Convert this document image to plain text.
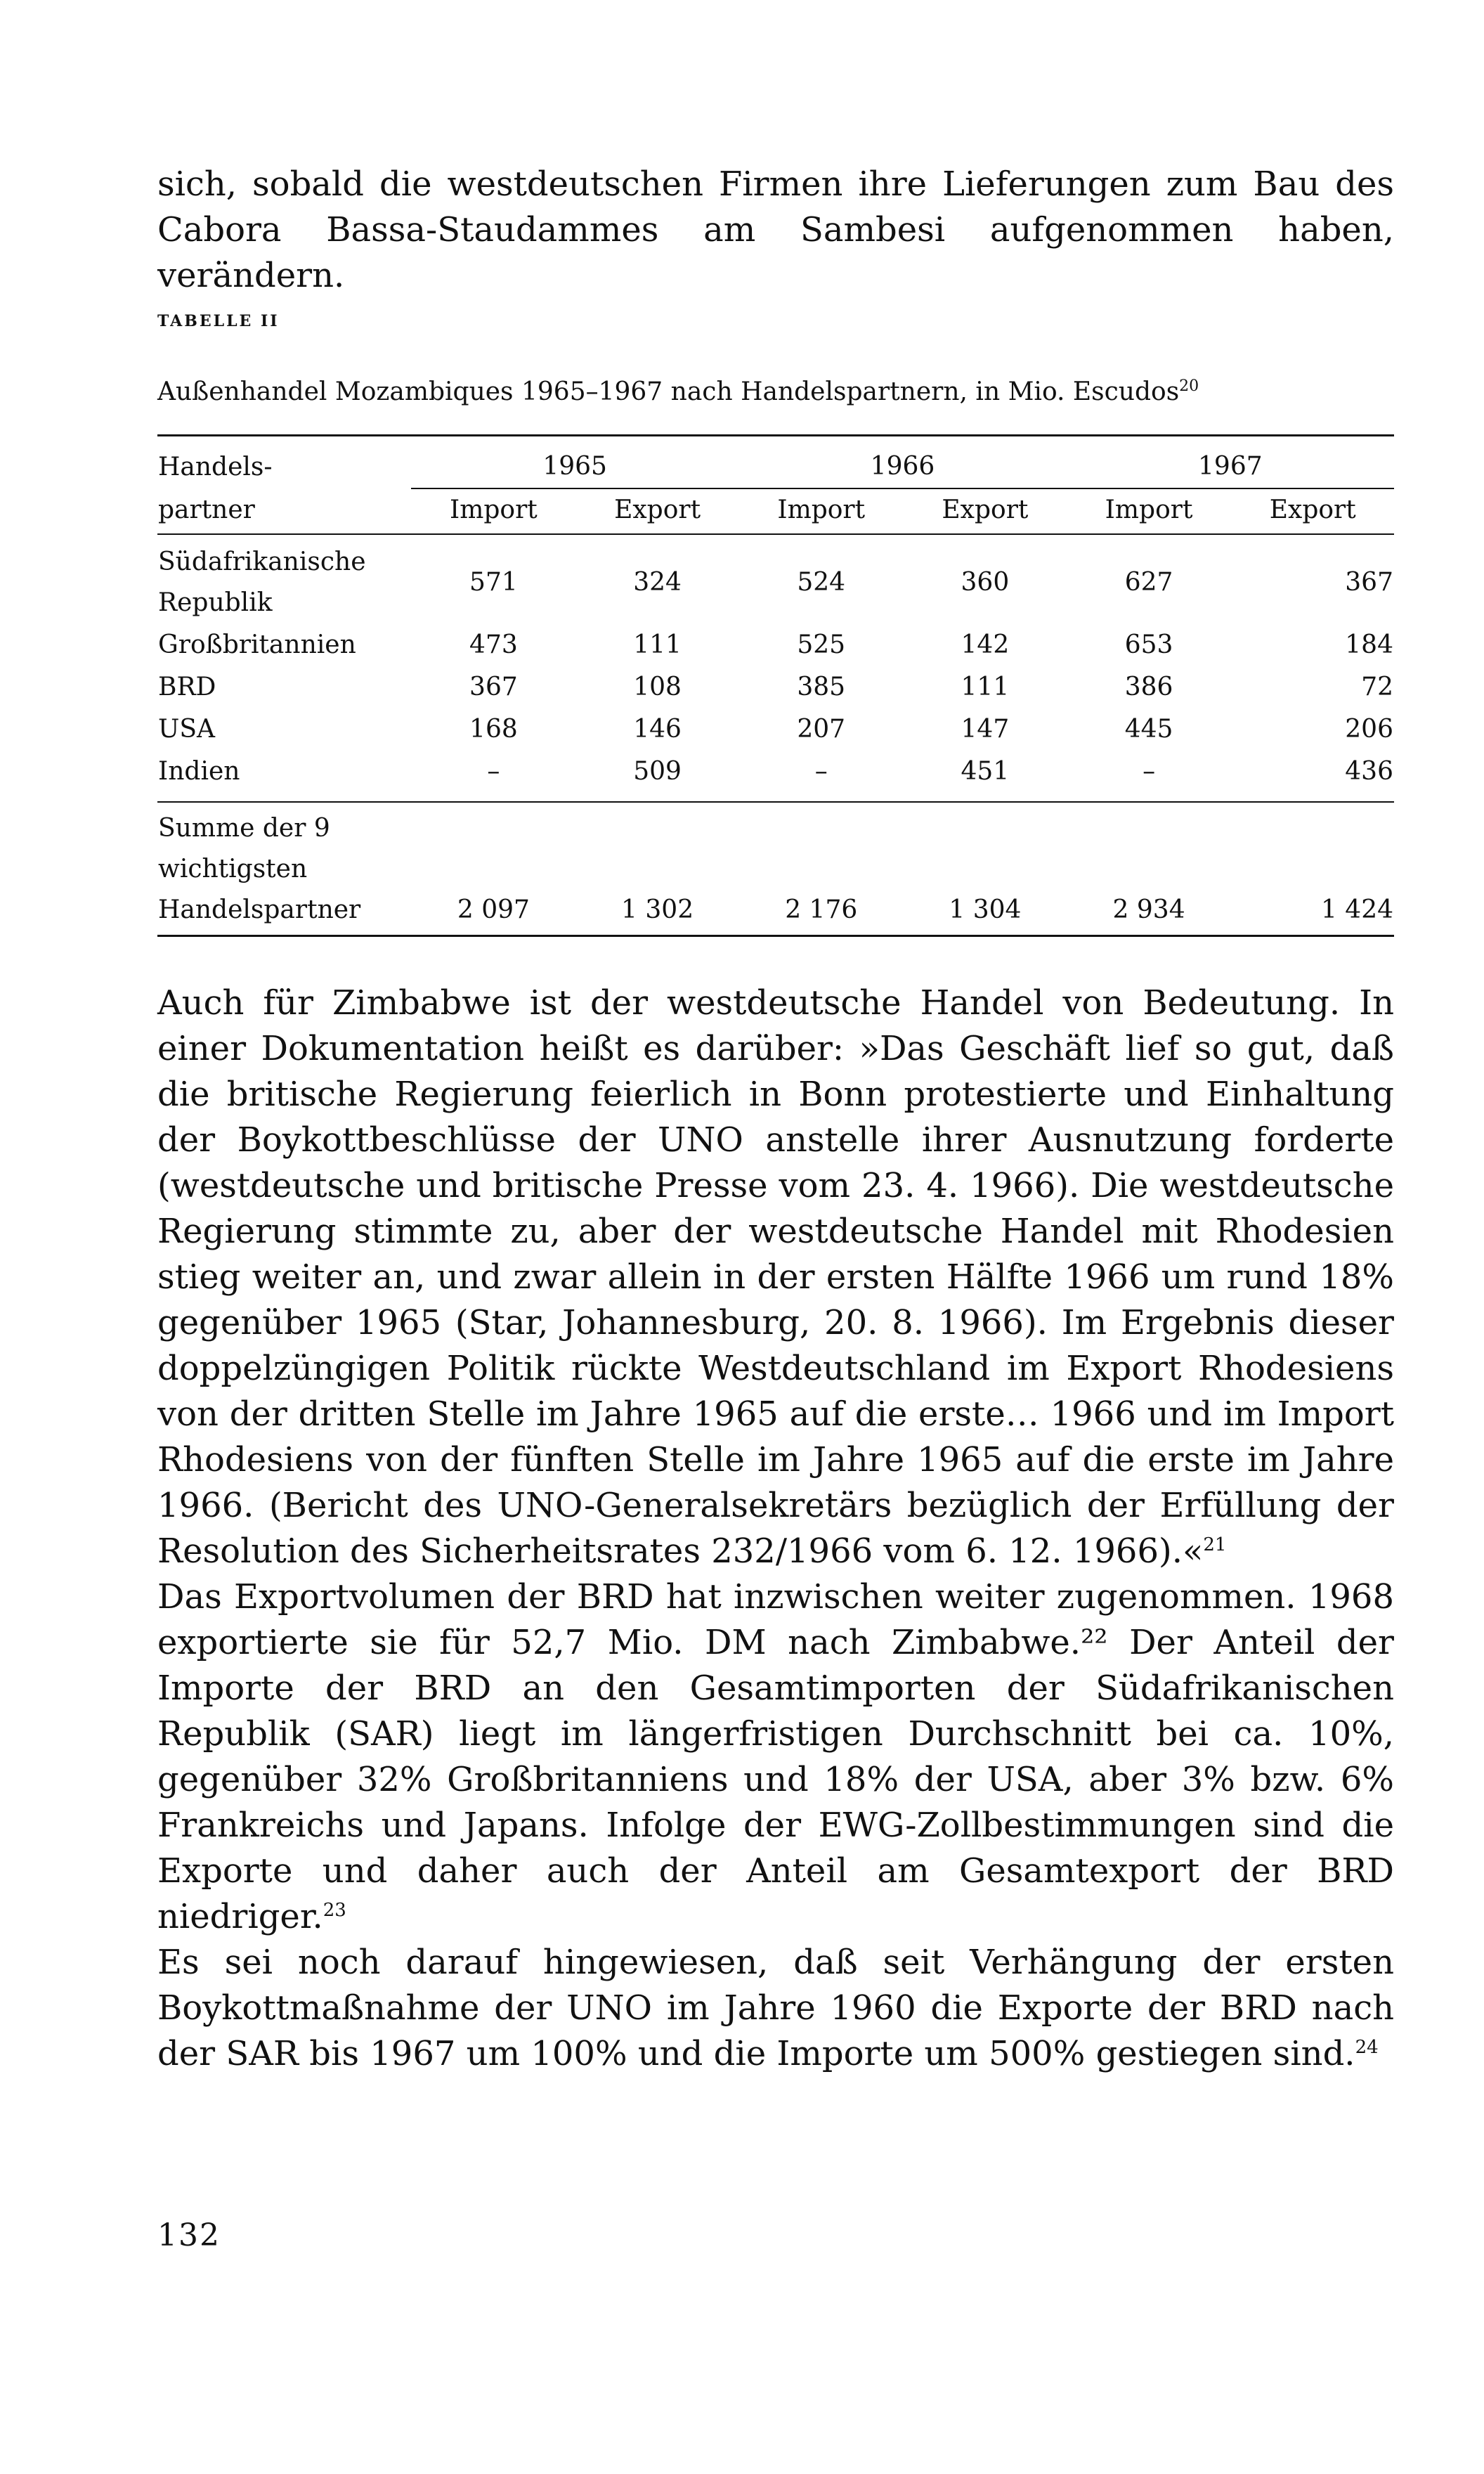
sich, sobald die westdeutschen Firmen ihre Lieferungen zum Bau des Cabora Bassa-Staudammes am Sambesi aufgenommen haben, verändern.

TABELLE II
Außenhandel Mozambiques 1965–1967 nach Handelspartnern, in Mio. Escudos$^{20}$
Handels-	1965		1966		1967	
partner	Import	Export	Import	Export	Import	Export
Südafrikanische Republik	571	324	524	360	627	367
Großbritannien	473	111	525	142	653	184
BRD	367	108	385	111	386	72
USA	168	146	207	147	445	206
Indien	–	509	–	451	–	436

Summe der 9 wichtigsten Handelspartner	2 097	1 302	2 176	1 304	2 934	1 424

Auch für Zimbabwe ist der westdeutsche Handel von Bedeutung. In einer Dokumentation heißt es darüber: »Das Geschäft lief so gut, daß die britische Regierung feierlich in Bonn protestierte und Einhaltung der Boykottbeschlüsse der UNO anstelle ihrer Ausnutzung forderte (westdeutsche und britische Presse vom 23. 4. 1966). Die westdeutsche Regierung stimmte zu, aber der westdeutsche Handel mit Rhodesien stieg weiter an, und zwar allein in der ersten Hälfte 1966 um rund 18% gegenüber 1965 (Star, Johannesburg, 20. 8. 1966). Im Ergebnis dieser doppelzüngigen Politik rückte Westdeutschland im Export Rhodesiens von der dritten Stelle im Jahre 1965 auf die erste… 1966 und im Import Rhodesiens von der fünften Stelle im Jahre 1965 auf die erste im Jahre 1966. (Bericht des UNO-Generalsekretärs bezüglich der Erfüllung der Resolution des Sicherheitsrates 232/1966 vom 6. 12. 1966).«$^{21}$

Das Exportvolumen der BRD hat inzwischen weiter zugenommen. 1968 exportierte sie für 52,7 Mio. DM nach Zimbabwe.²² Der Anteil der Importe der BRD an den Gesamtimporten der Südafrikanischen Republik (SAR) liegt im längerfristigen Durchschnitt bei ca. 10%, gegenüber 32% Großbritanniens und 18% der USA, aber 3% bzw. 6% Frankreichs und Japans. Infolge der EWG-Zollbestimmungen sind die Exporte und daher auch der Anteil am Gesamtexport der BRD niedriger.$^{23}$

Es sei noch darauf hingewiesen, daß seit Verhängung der ersten Boykottmaßnahme der UNO im Jahre 1960 die Exporte der BRD nach der SAR bis 1967 um 100% und die Importe um 500% gestiegen sind.$^{24}$

132
